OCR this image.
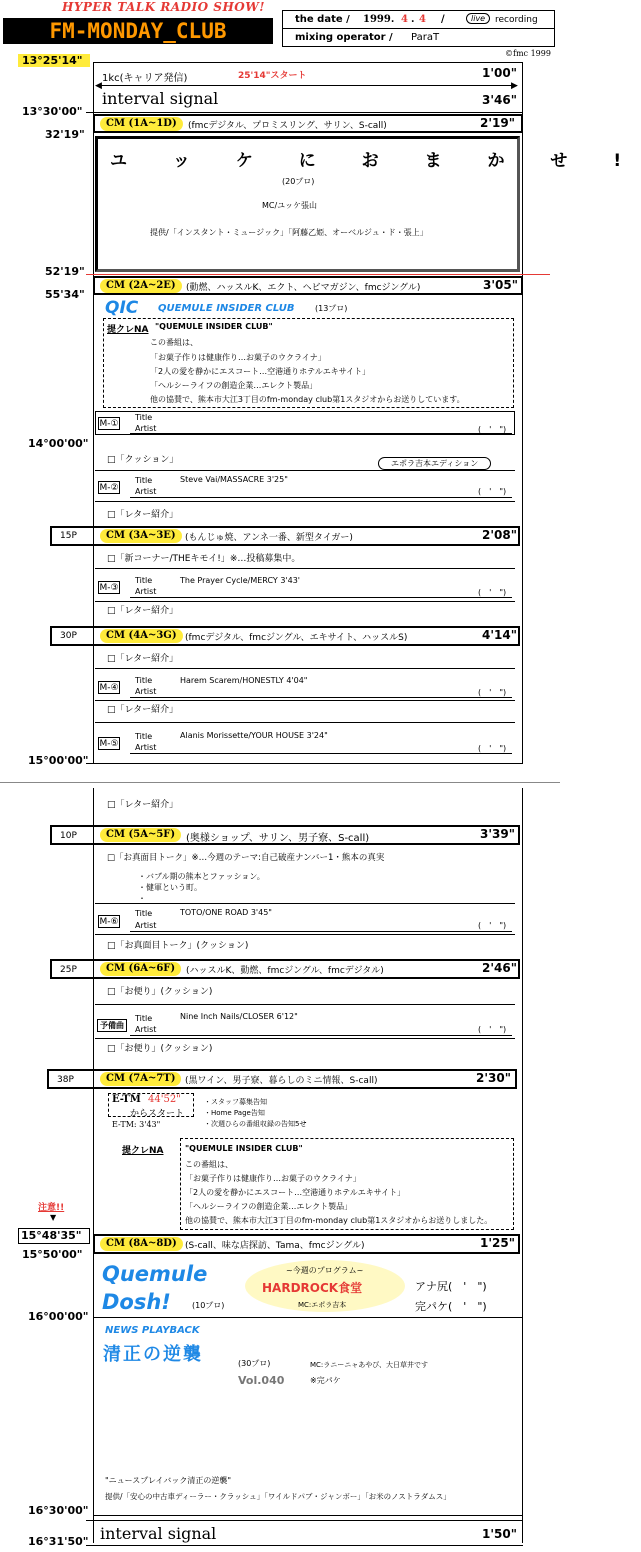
HYPER TALK RADIO SHOW!
FM-MONDAY_CLUB	the date / 1999. 4 . 4 /	live	recording
mixing operator / ParaT
©fmc 1999
13°25'14"
1kc(キャリア発信)	25'14"スタート	1'00"
◀	▶
interval signal	3'46"
13°30'00"
CM (1A~1D)	(fmcデジタル、プロミスリング、サリン、S-call)	2'19"
32'19"
ユ ッ ケ に お ま か せ !
(20プロ)
MC/ユッケ張山
提供/「インスタント・ミュージック」「阿藤乙姫、オーベルジュ・ド・張上」
52'19"
CM (2A~2E)	(動燃、ハッスルK、エクト、ヘビマガジン、fmcジングル)	3'05"
55'34"
QIC QUEMULE INSIDER CLUB	(13プロ)
提クレNA "QUEMULE INSIDER CLUB"
この番組は、
「お菓子作りは健康作り…お菓子のウクライナ」
「2人の愛を静かにエスコート…空港通りホテルエキサイト」
「ヘルシーライフの創造企業…エレクト製品」
他の協賛で、熊本市大江3丁目のfm-monday club第1スタジオからお送りしています。
M-①
Title
Artist	(　'　")
14°00'00"
□「クッション」	エポラ吉本エディション
M-②
Title	Steve Vai/MASSACRE 3'25"
Artist	(　'　")
□「レター紹介」
15P	CM (3A~3E)	(もんじゅ焼、アンネ一番、新型タイガー)	2'08"
□「新コーナー/THEキモイ!」※…投稿募集中。
M-③
Title	The Prayer Cycle/MERCY 3'43'
Artist	(　'　")
□「レター紹介」
30P	CM (4A~3G) (fmcデジタル、fmcジングル、エキサイト、ハッスルS)	4'14"
□「レター紹介」
M-④
Title	Harem Scarem/HONESTLY 4'04"
Artist	(　'　")
□「レター紹介」
M-⑤
Title	Alanis Morissette/YOUR HOUSE 3'24"
Artist	(　'　")
15°00'00"
□「レター紹介」
10P	CM (5A~5F)	(奥様ショップ、サリン、男子寮、S-call)	3'39"
□「お真面目トーク」※…今週のテーマ:自己破産ナンバー1・熊本の真実
・バブル期の熊本とファッション。
・健軍という町。
・
M-⑥
Title	TOTO/ONE ROAD 3'45"
Artist	(　'　")
□「お真面目トーク」(クッション)
25P	CM (6A~6F)	(ハッスルK、動燃、fmcジングル、fmcデジタル)	2'46"
□「お便り」(クッション)
予備曲
Title	Nine Inch Nails/CLOSER 6'12"
Artist	(　'　")
□「お便り」(クッション)
38P	CM (7A~7T)	(黒ワイン、男子寮、暮らしのミニ情報、S-call)	2'30"
E-TM 44'52"
からスタート
E-TM: 3'43"
・スタッフ募集告知
・Home Page告知
・次週ひらの番組収録の告知5せ
提クレNA	"QUEMULE INSIDER CLUB"
この番組は、
「お菓子作りは健康作り…お菓子のウクライナ」
「2人の愛を静かにエスコート…空港通りホテルエキサイト」
「ヘルシーライフの創造企業…エレクト製品」
他の協賛で、熊本市大江3丁目のfm-monday club第1スタジオからお送りしました。
注意!!
▼
15°48'35"
15°50'00"
CM (8A~8D) (S-call、味な店探訪、Tama、fmcジングル)	1'25"
Quemule
Dosh!	(10プロ)
~今週のプログラム~
HARDROCK食堂
MC:エポラ吉本
アナ尻(　'　")
完パケ(　'　")
16°00'00"
NEWS PLAYBACK
清正の逆襲	(30プロ)	MC:ラニーニャあやび、大日草井です
Vol.040	※完パケ
"ニュースプレイバック清正の逆襲"
提供/「安心の中古車ディーラー・クラッシュ」「ワイルドパブ・ジャンボー」「お米のノストラダムス」
16°30'00"
interval signal	1'50"
16°31'50"
